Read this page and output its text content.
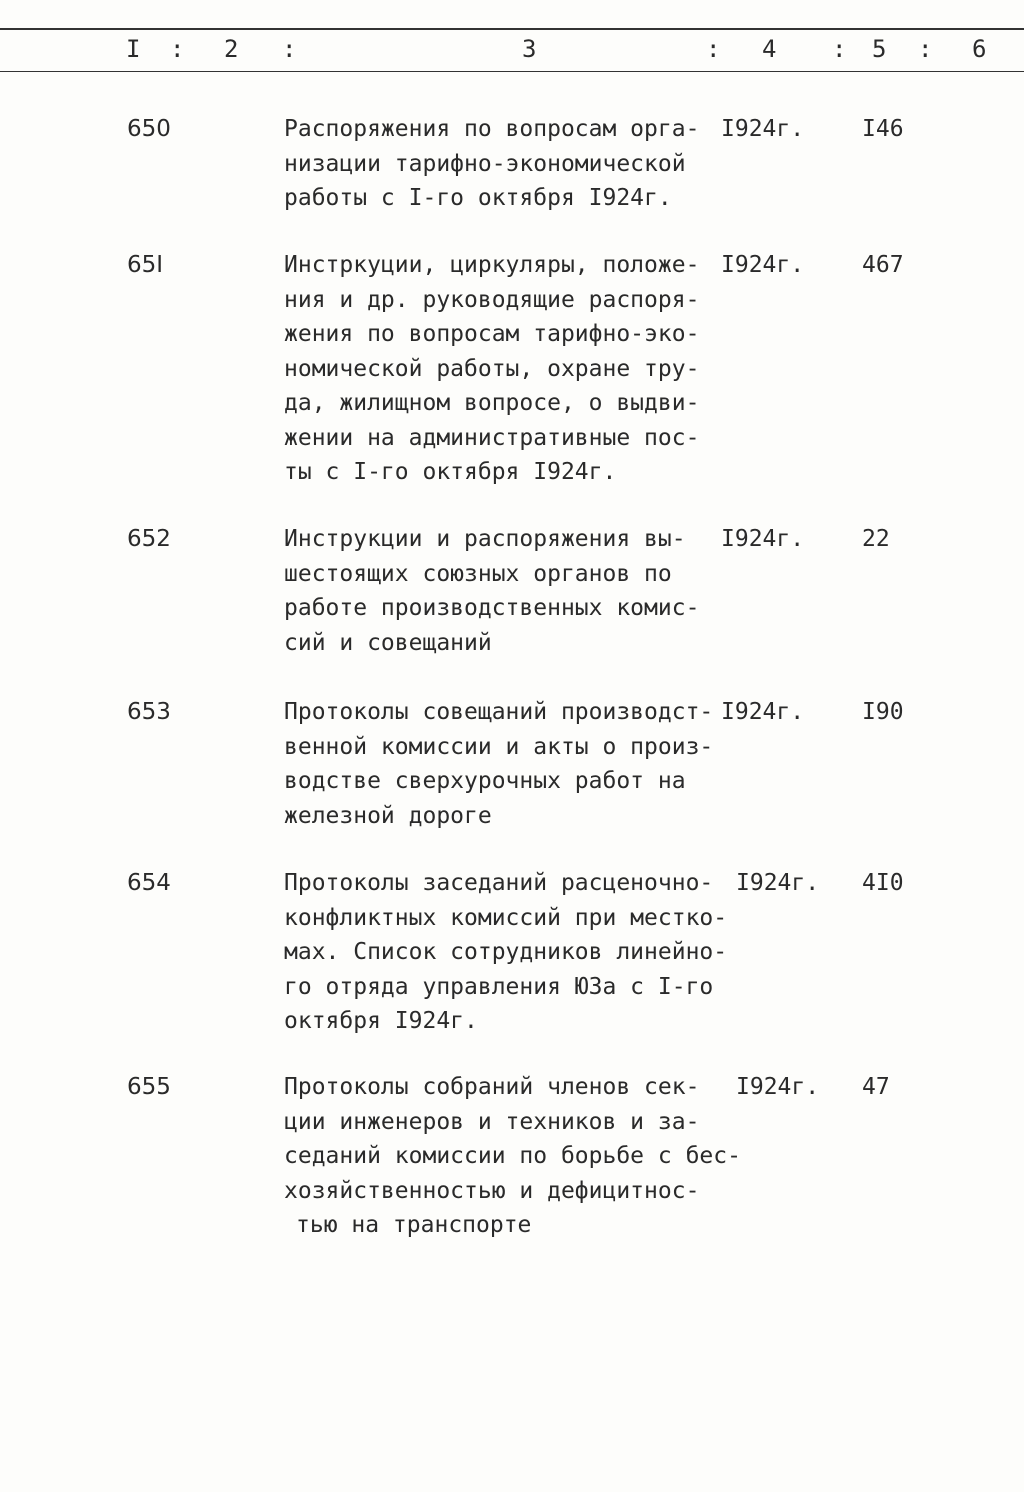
I : 2 :	3	: 4 : 5 : 6
650	Распоряжения по вопросам орга-
низации тарифно-экономической
работы с I-го октября I924г.
I924г.	I46
65I	Инстркуции, циркуляры, положе-
ния и др. руководящие распоря-
жения по вопросам тарифно-эко-
номической работы, охране тру-
да, жилищном вопросе, о выдви-
жении на административные пос-
ты с I-го октября I924г.
I924г.	467
652	Инструкции и распоряжения вы-
шестоящих союзных органов по
работе производственных комис-
сий и совещаний
I924г.	22
653	Протоколы совещаний производст-
венной комиссии и акты о произ-
водстве сверхурочных работ на
железной дороге
I924г.	I90
654	Протоколы заседаний расценочно-
конфликтных комиссий при местко-
мах. Список сотрудников линейно-
го отряда управления ЮЗа с I-го
октября I924г.
I924г. 4I0
655	Протоколы собраний членов сек-
ции инженеров и техников и за-
седаний комиссии по борьбе с бес-
хозяйственностью и дефицитнос-
тью на транспорте
I924г. 47
